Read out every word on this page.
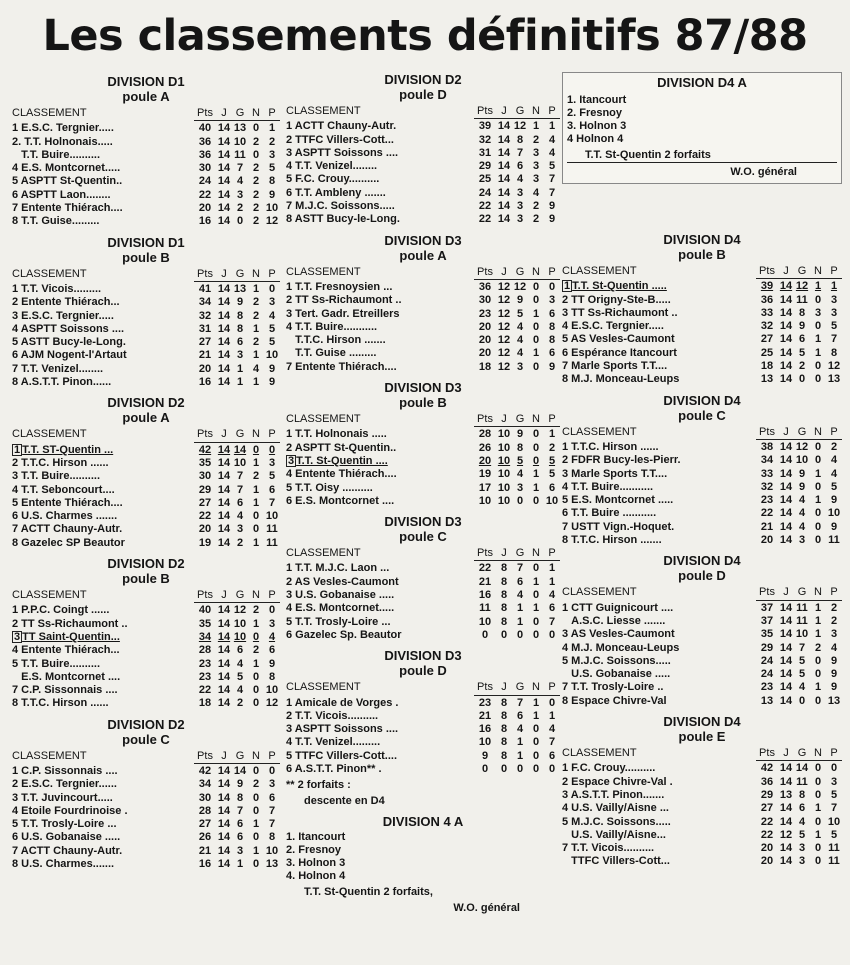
Les classements définitifs 87/88
DIVISION D1
poule A
CLASSEMENT	Pts J G N P
1 E.S.C. Tergnier.....	40 14 13 0 1
2. T.T. Holnonais.....	36 14 10 2 2
T.T. Buire..........	36 14 11 0 3
4 E.S. Montcornet.....	30 14 7 2 5
5 ASPTT St-Quentin..	24 14 4 2 8
6 ASPTT Laon........	22 14 3 2 9
7 Entente Thiérach....	20 14 2 2 10
8 T.T. Guise.........	16 14 0 2 12
DIVISION D1
poule B
CLASSEMENT	Pts J G N P
1 T.T. Vicois.........	41 14 13 1 0
2 Entente Thiérach...	34 14 9 2 3
3 E.S.C. Tergnier.....	32 14 8 2 4
4 ASPTT Soissons ....	31 14 8 1 5
5 ASTT Bucy-le-Long.	27 14 6 2 5
6 AJM Nogent-l'Artaut	21 14 3 1 10
7 T.T. Venizel........	20 14 1 4 9
8 A.S.T.T. Pinon......	16 14 1 1 9
DIVISION D2
poule A
CLASSEMENT	Pts J G N P
1 T.T. ST-Quentin ...	42 14 14 0 0
2 T.T.C. Hirson ......	35 14 10 1 3
3 T.T. Buire..........	30 14 7 2 5
4 T.T. Sebоncourt....	29 14 7 1 6
5 Entente Thiérach....	27 14 6 1 7
6 U.S. Charmes .......	22 14 4 0 10
7 ACTT Chauny-Autr.	20 14 3 0 11
8 Gazelec SP Beautor	19 14 2 1 11
DIVISION D2
poule B
CLASSEMENT	Pts J G N P
1 P.P.C. Coingt ......	40 14 12 2 0
2 TT Ss-Richaumont ..	35 14 10 1 3
3 TT Saint-Quentin...	34 14 10 0 4
4 Entente Thiérach...	28 14 6 2 6
5 T.T. Buire..........	23 14 4 1 9
E.S. Montcornet ....	23 14 5 0 8
7 C.P. Sissonnais ....	22 14 4 0 10
8 T.T.C. Hirson ......	18 14 2 0 12
DIVISION D2
poule C
CLASSEMENT	Pts J G N P
1 C.P. Sissonnais ....	42 14 14 0 0
2 E.S.C. Tergnier......	34 14 9 2 3
3 T.T. Juvincourt.....	30 14 8 0 6
4 Etoile Fourdrinoise .	28 14 7 0 7
5 T.T. Trosly-Loire ...	27 14 6 1 7
6 U.S. Gobanaise .....	26 14 6 0 8
7 ACTT Chauny-Autr.	21 14 3 1 10
8 U.S. Charmes.......	16 14 1 0 13
DIVISION D2
poule D
CLASSEMENT	Pts J G N P
1 ACTT Chauny-Autr.	39 14 12 1 1
2 TTFC Villers-Cott...	32 14 8 2 4
3 ASPTT Soissons ....	31 14 7 3 4
4 T.T. Venizel........	29 14 6 3 5
5 F.C. Crouy..........	25 14 4 3 7
6 T.T. Ambleny .......	24 14 3 4 7
7 M.J.C. Soissons.....	22 14 3 2 9
8 ASTT Bucy-le-Long.	22 14 3 2 9
DIVISION D3
poule A
CLASSEMENT	Pts J G N P
1 T.T. Fresnoysien ...	36 12 12 0 0
2 TT Ss-Richaumont ..	30 12 9 0 3
3 Tert. Gadr. Etreillers	23 12 5 1 6
4 T.T. Buire...........	20 12 4 0 8
T.T.C. Hirson .......	20 12 4 0 8
T.T. Guise .........	20 12 4 1 6
7 Entente Thiérach....	18 12 3 0 9
DIVISION D3
poule B
CLASSEMENT	Pts J G N P
1 T.T. Holnonais .....	28 10 9 0 1
2 ASPTT St-Quentin..	26 10 8 0 2
3 T.T. St-Quentin ....	20 10 5 0 5
4 Entente Thiérach....	19 10 4 1 5
5 T.T. Oisy ..........	17 10 3 1 6
6 E.S. Montcornet ....	10 10 0 0 10
DIVISION D3
poule C
CLASSEMENT	Pts J G N P
1 T.T. M.J.C. Laon ...	22 8 7 0 1
2 AS Vesles-Caumont	21 8 6 1 1
3 U.S. Gobanaise .....	16 8 4 0 4
4 E.S. Montcornet.....	11 8 1 1 6
5 T.T. Trosly-Loire ...	10 8 1 0 7
6 Gazelec Sp. Beautor	0	0 0 0 0
DIVISION D3
poule D
CLASSEMENT	Pts J G N P
1 Amicale de Vorges .	23 8 7 1 0
2 T.T. Vicois..........	21 8 6 1 1
3 ASPTT Soissons ....	16 8 4 0 4
4 T.T. Venizel.........	10 8 1 0 7
5 TTFC Villers-Cott....	9	8 1 0 6
6 A.S.T.T. Pinon** .	0	0 0 0 0
** 2 forfaits :
descente en D4
DIVISION 4 A
1. Itancourt
2. Fresnoy
3. Holnon 3
4. Holnon 4
T.T. St-Quentin 2 forfaits,
W.O. général
DIVISION D4 A
1. Itancourt
2. Fresnoy
3. Holnon 3
4 Holnon 4
T.T. St-Quentin 2 forfaits
W.O. général
DIVISION D4
poule B
CLASSEMENT	Pts J G N P
1 T.T. St-Quentin .....	39 14 12 1 1
2 TT Origny-Ste-B.....	36 14 11 0 3
3 TT Ss-Richaumont ..	33 14 8 3 3
4 E.S.C. Tergnier.....	32 14 9 0 5
5 AS Vesles-Caumont	27 14 6 1 7
6 Espérance Itancourt	25 14 5 1 8
7 Marle Sports T.T....	18 14 2 0 12
8 M.J. Monceau-Leups	13 14 0 0 13
DIVISION D4
poule C
CLASSEMENT	Pts J G N P
1 T.T.C. Hirson ......	38 14 12 0 2
2 FDFR Bucy-les-Pierr.	34 14 10 0 4
3 Marle Sports T.T....	33 14 9 1 4
4 T.T. Buire...........	32 14 9 0 5
5 E.S. Montcornet .....	23 14 4 1 9
6 T.T. Buire ...........	22 14 4 0 10
7 USTT Vign.-Hoquet.	21 14 4 0 9
8 T.T.C. Hirson .......	20 14 3 0 11
DIVISION D4
poule D
CLASSEMENT	Pts J G N P
1 CTT Guignicourt ....	37 14 11 1 2
A.S.C. Liesse .......	37 14 11 1 2
3 AS Vesles-Caumont	35 14 10 1 3
4 M.J. Monceau-Leups	29 14 7 2 4
5 M.J.C. Soissons.....	24 14 5 0 9
U.S. Gobanaise .....	24 14 5 0 9
7 T.T. Trosly-Loire ..	23 14 4 1 9
8 Espace Chivre-Val	13 14 0 0 13
DIVISION D4
poule E
CLASSEMENT	Pts J G N P
1 F.C. Crouy..........	42 14 14 0 0
2 Espace Chivre-Val .	36 14 11 0 3
3 A.S.T.T. Pinon.......	29 13 8 0 5
4 U.S. Vailly/Aisne ...	27 14 6 1 7
5 M.J.C. Soissons.....	22 14 4 0 10
U.S. Vailly/Aisne...	22 12 5 1 5
7 T.T. Vicois..........	20 14 3 0 11
TTFC Villers-Cott...	20 14 3 0 11
